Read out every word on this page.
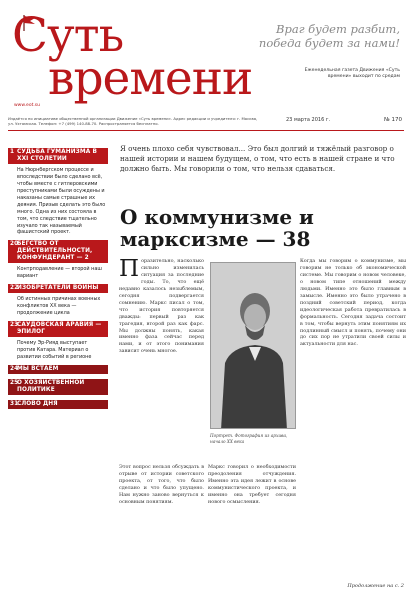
Суть
времени
www.eot.su
Враг будет разбит,
победа будет за нами!
Еженедельная газета Движения «Суть времени» выходит по средам
Издаётся по инициативе общественной организации Движение «Суть времени». Адрес редакции и учредителя: г. Москва, ул. Ухтомская. Телефон: +7 (499) 140-88-70. Распространяется бесплатно.
23 марта 2016 г.	№ 170
1 СУДЬБА ГУМАНИЗМА В XXI СТОЛЕТИИ
На Нюрнбергском процессе и впоследствии было сделано всё, чтобы вместе с гитлеровскими преступниками были осуждены и наказаны самые страшные их деяния. Призыв сделать это было много. Одна из них состояла в том, что следствие тщательно изучало так называемый фашистский проект.
20 БЕГСТВО ОТ ДЕЙСТВИТЕЛЬНОСТИ, КОНФУНДЕРАНТ — 2
Контрподавление — второй наш вариант
22 ИЗОБРЕТАТЕЛИ ВОЙНЫ
Об истинных причинах военных конфликтов XX века — продолжение цикла
23 САУДОВСКАЯ АРАВИЯ — ЭПИЛОГ
Почему Эр-Рияд выступает против Катара. Материал о развитии событий в регионе
24 МЫ ВСТАЁМ
25 О ХОЗЯЙСТВЕННОЙ ПОЛИТИКЕ
31 СЛОВО ДНЯ
Я очень плохо себя чувствовал... Это был долгий и тяжёлый разговор о нашей истории и нашем будущем, о том, что есть в нашей стране и что должно быть. Мы говорили о том, что нельзя сдаваться.
О коммунизме и марксизме — 38
Поразительно, насколько сильно изменилась ситуация за последние годы. То, что ещё недавно казалось незыблемым, сегодня подвергается сомнению. Маркс писал о том, что история повторяется дважды: первый раз как трагедия, второй раз как фарс. Мы должны понять, какая именно фаза сейчас перед нами, и от этого понимания зависит очень многое.
Портрет. Фотография из архива, начало XX века
Этот вопрос нельзя обсуждать в отрыве от истории советского проекта, от того, что было сделано и что было упущено. Нам нужно заново вернуться к основным понятиям.
Маркс говорил о необходимости преодоления отчуждения. Именно эта идея лежит в основе коммунистического проекта, и именно она требует сегодня нового осмысления.
Когда мы говорим о коммунизме, мы говорим не только об экономической системе. Мы говорим о новом человеке, о новом типе отношений между людьми. Именно это было главным в замысле. Именно это было утрачено в поздний советский период, когда идеологическая работа превратилась в формальность. Сегодня задача состоит в том, чтобы вернуть этим понятиям их подлинный смысл и понять, почему они до сих пор не утратили своей силы и актуальности для нас.
Продолжение на с. 2
